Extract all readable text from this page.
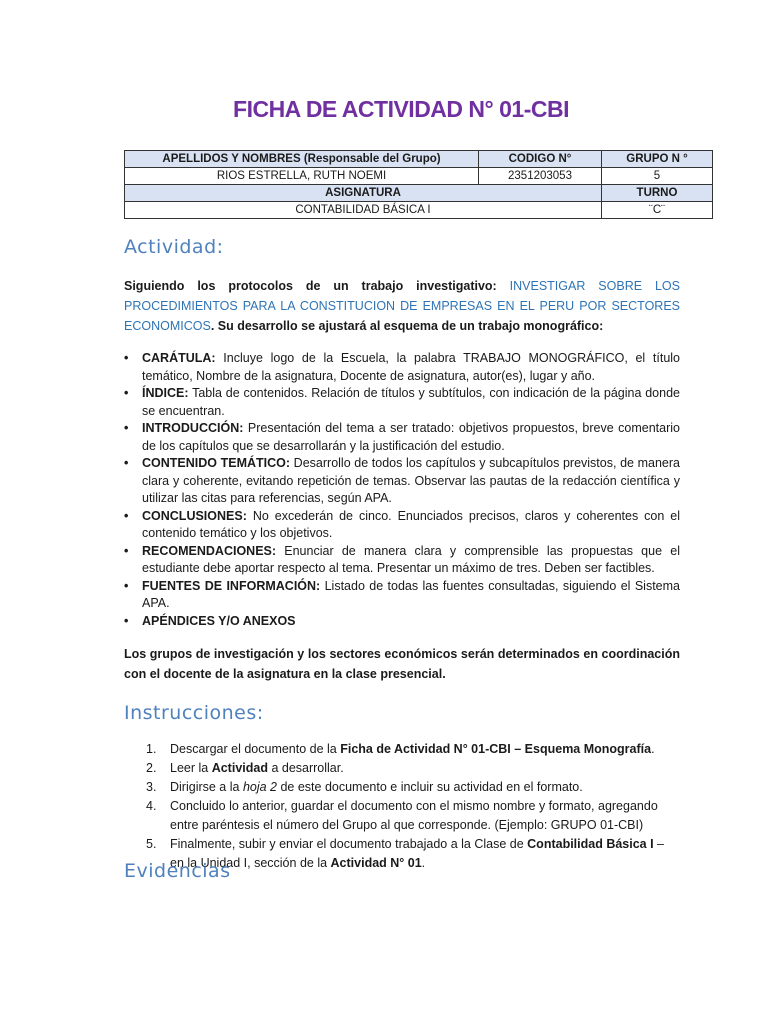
FICHA DE ACTIVIDAD N° 01-CBI
APELLIDOS Y NOMBRES (Responsable del Grupo)	CODIGO N°	GRUPO N °
RIOS ESTRELLA, RUTH NOEMI	2351203053	5
ASIGNATURA		TURNO
CONTABILIDAD BÁSICA I		¨C¨
Actividad:
Siguiendo los protocolos de un trabajo investigativo: INVESTIGAR SOBRE LOS PROCEDIMIENTOS PARA LA CONSTITUCION DE EMPRESAS EN EL PERU POR SECTORES ECONOMICOS. Su desarrollo se ajustará al esquema de un trabajo monográfico:
• CARÁTULA: Incluye logo de la Escuela, la palabra TRABAJO MONOGRÁFICO, el título temático, Nombre de la asignatura, Docente de asignatura, autor(es), lugar y año.
• ÍNDICE: Tabla de contenidos. Relación de títulos y subtítulos, con indicación de la página donde se encuentran.
• INTRODUCCIÓN: Presentación del tema a ser tratado: objetivos propuestos, breve comentario de los capítulos que se desarrollarán y la justificación del estudio.
• CONTENIDO TEMÁTICO: Desarrollo de todos los capítulos y subcapítulos previstos, de manera clara y coherente, evitando repetición de temas. Observar las pautas de la redacción científica y utilizar las citas para referencias, según APA.
• CONCLUSIONES: No excederán de cinco. Enunciados precisos, claros y coherentes con el contenido temático y los objetivos.
• RECOMENDACIONES: Enunciar de manera clara y comprensible las propuestas que el estudiante debe aportar respecto al tema. Presentar un máximo de tres. Deben ser factibles.
• FUENTES DE INFORMACIÓN: Listado de todas las fuentes consultadas, siguiendo el Sistema APA.
• APÉNDICES Y/O ANEXOS
Los grupos de investigación y los sectores económicos serán determinados en coordinación con el docente de la asignatura en la clase presencial.
Instrucciones:
1. Descargar el documento de la Ficha de Actividad N° 01-CBI – Esquema Monografía.
2. Leer la Actividad a desarrollar.
3. Dirigirse a la hoja 2 de este documento e incluir su actividad en el formato.
4. Concluido lo anterior, guardar el documento con el mismo nombre y formato, agregando entre paréntesis el número del Grupo al que corresponde. (Ejemplo: GRUPO 01-CBI)
5. Finalmente, subir y enviar el documento trabajado a la Clase de Contabilidad Básica I – en la Unidad I, sección de la Actividad N° 01.
Evidencias
